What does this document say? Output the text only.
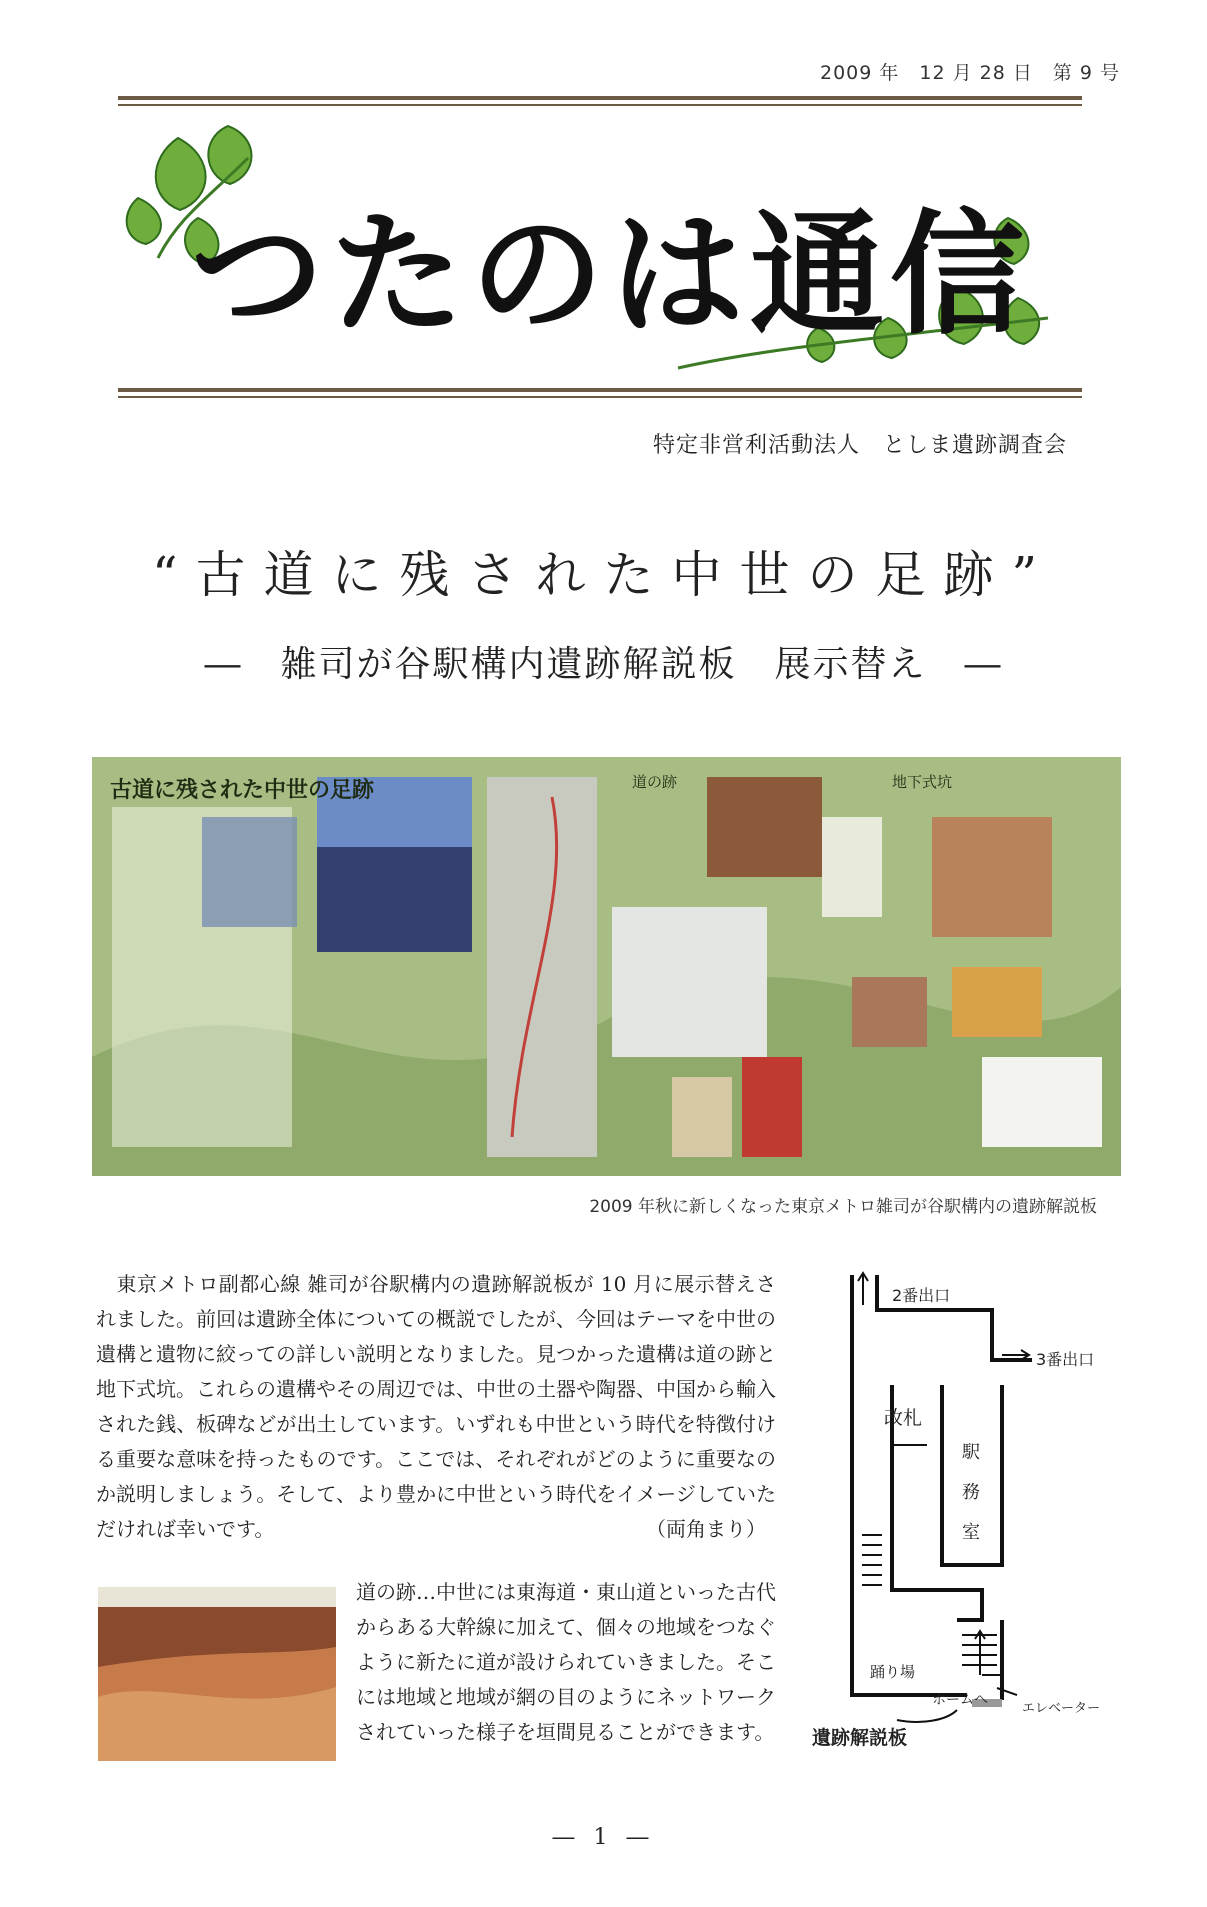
2009 年　12 月 28 日　第 9 号
つたのは通信
特定非営利活動法人　としま遺跡調査会
“古道に残された中世の足跡”
―　雑司が谷駅構内遺跡解説板　展示替え　―
古道に残された中世の足跡	道の跡	地下式坑
2009 年秋に新しくなった東京メトロ雑司が谷駅構内の遺跡解説板
東京メトロ副都心線 雑司が谷駅構内の遺跡解説板が 10 月に展示替えされました。前回は遺跡全体についての概説でしたが、今回はテーマを中世の遺構と遺物に絞っての詳しい説明となりました。見つかった遺構は道の跡と地下式坑。これらの遺構やその周辺では、中世の土器や陶器、中国から輸入された銭、板碑などが出土しています。いずれも中世という時代を特徴付ける重要な意味を持ったものです。ここでは、それぞれがどのように重要なのか説明しましょう。そして、より豊かに中世という時代をイメージしていただければ幸いです。	（両角まり）
道の跡…中世には東海道・東山道といった古代からある大幹線に加えて、個々の地域をつなぐように新たに道が設けられていきました。そこには地域と地域が網の目のようにネットワークされていった様子を垣間見ることができます。
2番出口
3番出口
改札
駅務室
踊り場
ホームへ
エレベーター
遺跡解説板
― 1 ―
